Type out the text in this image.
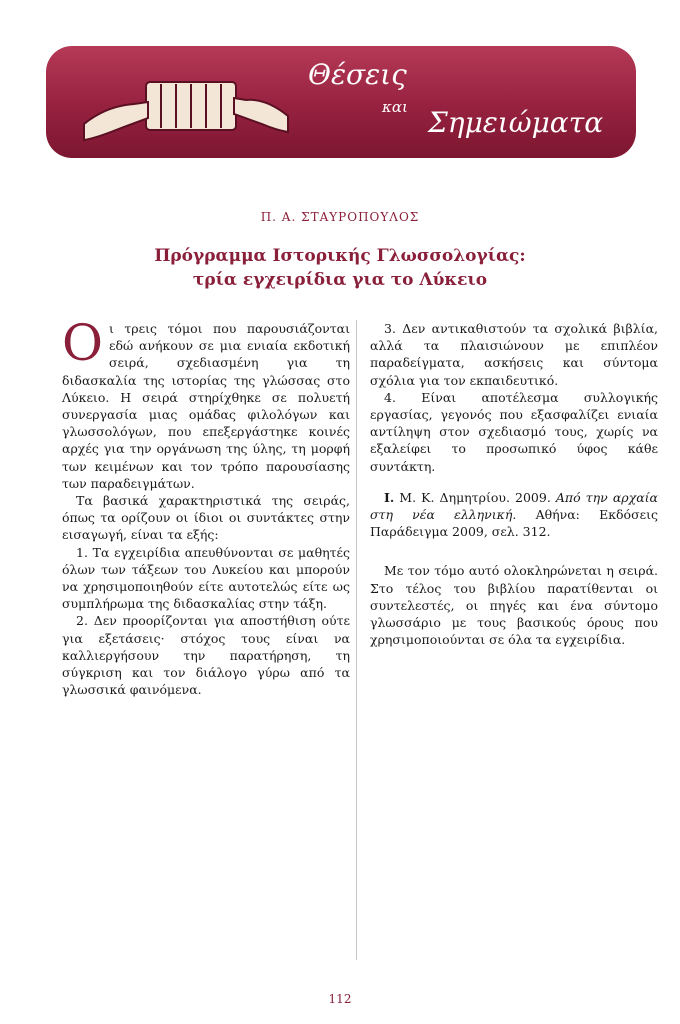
Θέσεις
και Σημειώματα
Π. Α. ΣΤΑΥΡΟΠΟΥΛΟΣ
Πρόγραμμα Ιστορικής Γλωσσολογίας:
τρία εγχειρίδια για το Λύκειο

Οι τρεις τόμοι που παρουσιάζονται εδώ ανήκουν σε μια ενιαία εκδοτική σειρά, σχεδιασμένη για τη διδασκαλία της ιστορίας της γλώσσας στο Λύκειο. Η σειρά στηρίχθηκε σε πολυετή συνεργασία μιας ομάδας φιλολόγων και γλωσσολόγων, που επεξεργάστηκε κοινές αρχές για την οργάνωση της ύλης, τη μορφή των κειμένων και τον τρόπο παρουσίασης των παραδειγμάτων.

Τα βασικά χαρακτηριστικά της σειράς, όπως τα ορίζουν οι ίδιοι οι συντάκτες στην εισαγωγή, είναι τα εξής:

1. Τα εγχειρίδια απευθύνονται σε μαθητές όλων των τάξεων του Λυκείου και μπορούν να χρησιμοποιηθούν είτε αυτοτελώς είτε ως συμπλήρωμα της διδασκαλίας στην τάξη.

2. Δεν προορίζονται για αποστήθιση ούτε για εξετάσεις· στόχος τους είναι να καλλιεργήσουν την παρατήρηση, τη σύγκριση και τον διάλογο γύρω από τα γλωσσικά φαινόμενα.

3. Δεν αντικαθιστούν τα σχολικά βιβλία, αλλά τα πλαισιώνουν με επιπλέον παραδείγματα, ασκήσεις και σύντομα σχόλια για τον εκπαιδευτικό.

4. Είναι αποτέλεσμα συλλογικής εργασίας, γεγονός που εξασφαλίζει ενιαία αντίληψη στον σχεδιασμό τους, χωρίς να εξαλείφει το προσωπικό ύφος κάθε συντάκτη.

I. Μ. Κ. Δημητρίου. 2009. Από την αρχαία στη νέα ελληνική. Αθήνα: Εκδόσεις Παράδειγμα 2009, σελ. 312.

Με τον τόμο αυτό ολοκληρώνεται η σειρά. Στο τέλος του βιβλίου παρατίθενται οι συντελεστές, οι πηγές και ένα σύντομο γλωσσάριο με τους βασικούς όρους που χρησιμοποιούνται σε όλα τα εγχειρίδια.

112
